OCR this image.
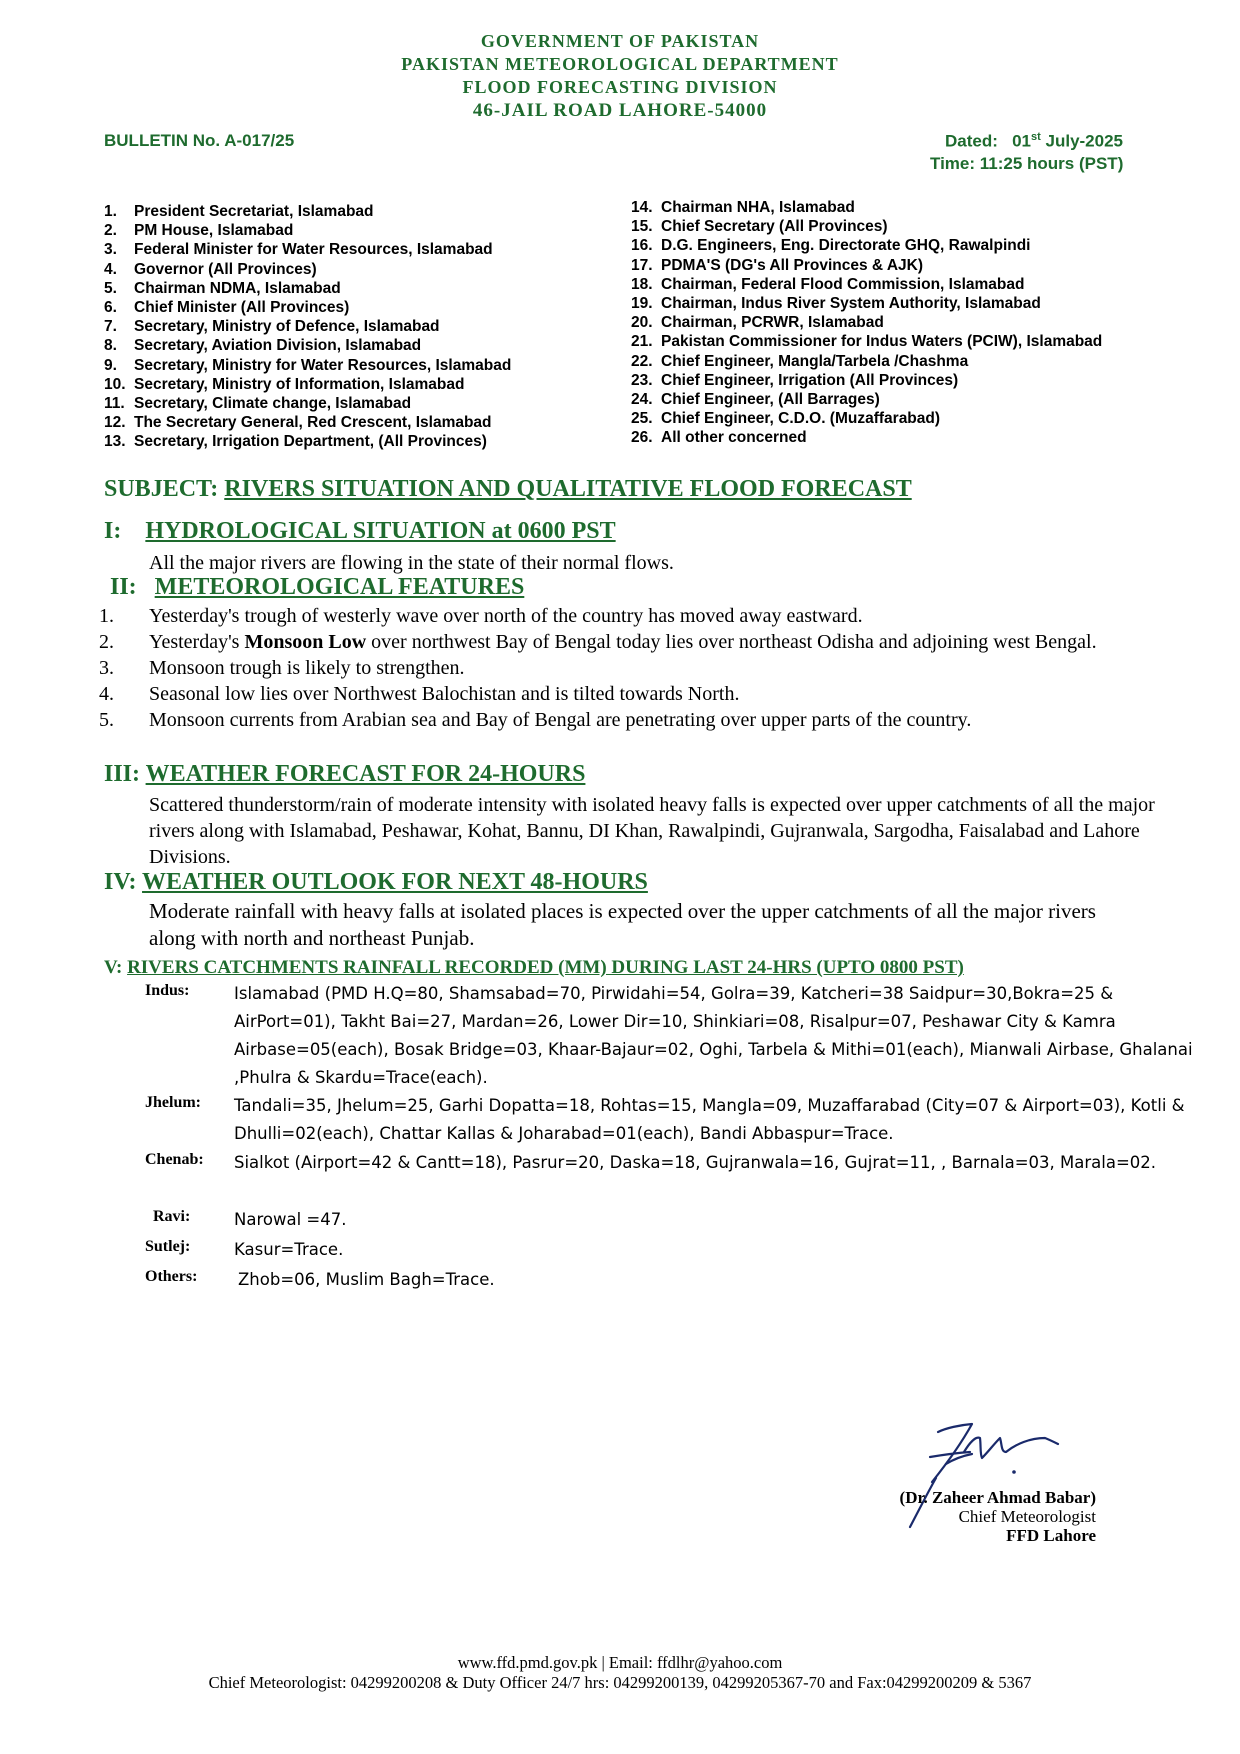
GOVERNMENT OF PAKISTAN
PAKISTAN METEOROLOGICAL DEPARTMENT
FLOOD FORECASTING DIVISION
46-JAIL ROAD LAHORE-54000
BULLETIN No. A-017/25	Dated: 01st July-2025
Time: 11:25 hours (PST)
1. President Secretariat, Islamabad
2. PM House, Islamabad
3. Federal Minister for Water Resources, Islamabad
4. Governor (All Provinces)
5. Chairman NDMA, Islamabad
6. Chief Minister (All Provinces)
7. Secretary, Ministry of Defence, Islamabad
8. Secretary, Aviation Division, Islamabad
9. Secretary, Ministry for Water Resources, Islamabad
10. Secretary, Ministry of Information, Islamabad
11. Secretary, Climate change, Islamabad
12. The Secretary General, Red Crescent, Islamabad
13. Secretary, Irrigation Department, (All Provinces)
14. Chairman NHA, Islamabad
15. Chief Secretary (All Provinces)
16. D.G. Engineers, Eng. Directorate GHQ, Rawalpindi
17. PDMA'S (DG's All Provinces & AJK)
18. Chairman, Federal Flood Commission, Islamabad
19. Chairman, Indus River System Authority, Islamabad
20. Chairman, PCRWR, Islamabad
21. Pakistan Commissioner for Indus Waters (PCIW), Islamabad
22. Chief Engineer, Mangla/Tarbela /Chashma
23. Chief Engineer, Irrigation (All Provinces)
24. Chief Engineer, (All Barrages)
25. Chief Engineer, C.D.O. (Muzaffarabad)
26. All other concerned
SUBJECT: RIVERS SITUATION AND QUALITATIVE FLOOD FORECAST
I: HYDROLOGICAL SITUATION at 0600 PST
All the major rivers are flowing in the state of their normal flows.
II: METEOROLOGICAL FEATURES
1. Yesterday's trough of westerly wave over north of the country has moved away eastward.
2. Yesterday's Monsoon Low over northwest Bay of Bengal today lies over northeast Odisha and adjoining west Bengal.
3. Monsoon trough is likely to strengthen.
4. Seasonal low lies over Northwest Balochistan and is tilted towards North.
5. Monsoon currents from Arabian sea and Bay of Bengal are penetrating over upper parts of the country.
III: WEATHER FORECAST FOR 24-HOURS
Scattered thunderstorm/rain of moderate intensity with isolated heavy falls is expected over upper catchments of all the major rivers along with Islamabad, Peshawar, Kohat, Bannu, DI Khan, Rawalpindi, Gujranwala, Sargodha, Faisalabad and Lahore Divisions.
IV: WEATHER OUTLOOK FOR NEXT 48-HOURS
Moderate rainfall with heavy falls at isolated places is expected over the upper catchments of all the major rivers along with north and northeast Punjab.
V: RIVERS CATCHMENTS RAINFALL RECORDED (MM) DURING LAST 24-HRS (UPTO 0800 PST)
Indus:	Islamabad (PMD H.Q=80, Shamsabad=70, Pirwidahi=54, Golra=39, Katcheri=38 Saidpur=30,Bokra=25 & AirPort=01), Takht Bai=27, Mardan=26, Lower Dir=10, Shinkiari=08, Risalpur=07, Peshawar City & Kamra Airbase=05(each), Bosak Bridge=03, Khaar-Bajaur=02, Oghi, Tarbela & Mithi=01(each), Mianwali Airbase, Ghalanai ,Phulra & Skardu=Trace(each).
Jhelum: Tandali=35, Jhelum=25, Garhi Dopatta=18, Rohtas=15, Mangla=09, Muzaffarabad (City=07 & Airport=03), Kotli & Dhulli=02(each), Chattar Kallas & Joharabad=01(each), Bandi Abbaspur=Trace.
Chenab: Sialkot (Airport=42 & Cantt=18), Pasrur=20, Daska=18, Gujranwala=16, Gujrat=11, , Barnala=03, Marala=02.
Ravi:	Narowal =47.
Sutlej:	Kasur=Trace.
Others: Zhob=06, Muslim Bagh=Trace.
(Dr. Zaheer Ahmad Babar)
Chief Meteorologist
FFD Lahore
www.ffd.pmd.gov.pk | Email: ffdlhr@yahoo.com
Chief Meteorologist: 04299200208 & Duty Officer 24/7 hrs: 04299200139, 04299205367-70 and Fax:04299200209 & 5367
